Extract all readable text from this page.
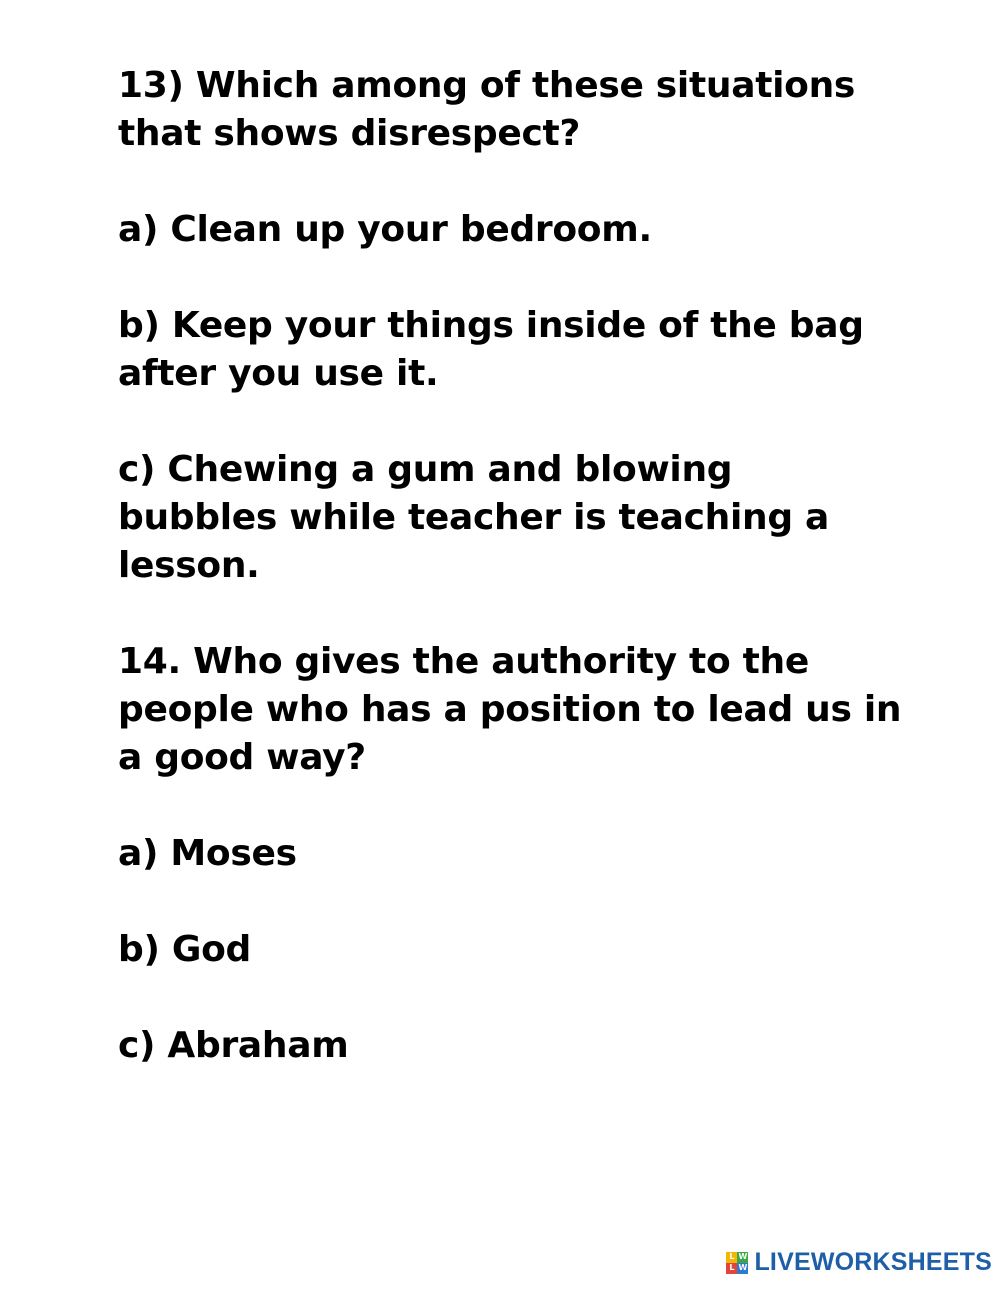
13) Which among of these situations

that shows disrespect?

a) Clean up your bedroom.

b) Keep your things inside of the bag

after you use it.

c) Chewing a gum and blowing

bubbles while teacher is teaching a

lesson.

14. Who gives the authority to the

people who has a position to lead us in

a good way?

a) Moses

b) God

c) Abraham

L W
L W LIVEWORKSHEETS
